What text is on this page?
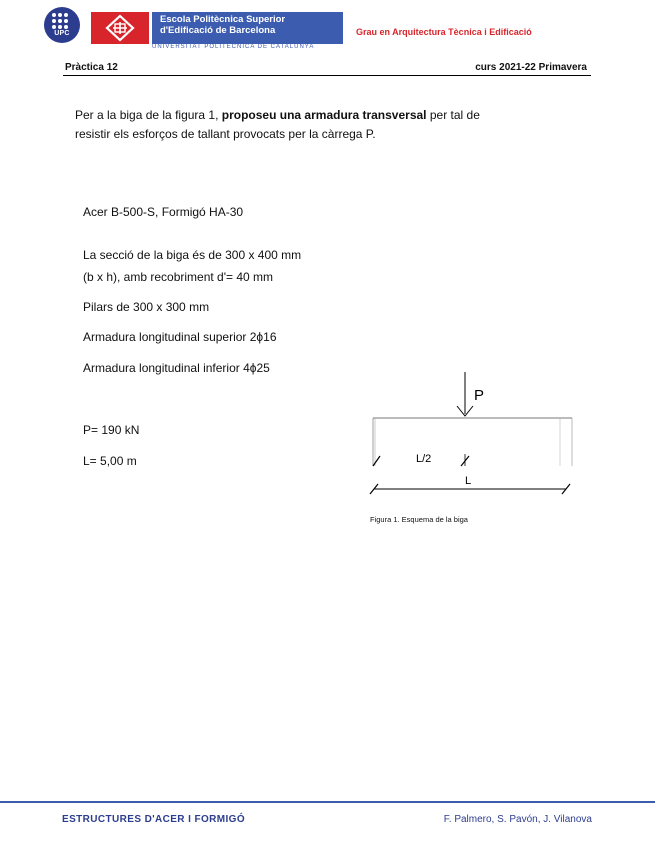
UPC
Escola Politècnica Superior
d'Edificació de Barcelona
UNIVERSITAT POLITÈCNICA DE CATALUNYA
Grau en Arquitectura Tècnica i Edificació
Pràctica 12	curs 2021-22 Primavera
Per a la biga de la figura 1, proposeu una armadura transversal per tal de
resistir els esforços de tallant provocats per la càrrega P.
Acer B-500-S, Formigó HA-30
La secció de la biga és de 300 x 400 mm
(b x h), amb recobriment d'= 40 mm
Pilars de 300 x 300 mm
Armadura longitudinal superior 2ϕ16
Armadura longitudinal inferior 4ϕ25
P= 190 kN
L= 5,00 m
P
L/2
L
Figura 1. Esquema de la biga
ESTRUCTURES D'ACER I FORMIGÓ	F. Palmero, S. Pavón, J. Vilanova
